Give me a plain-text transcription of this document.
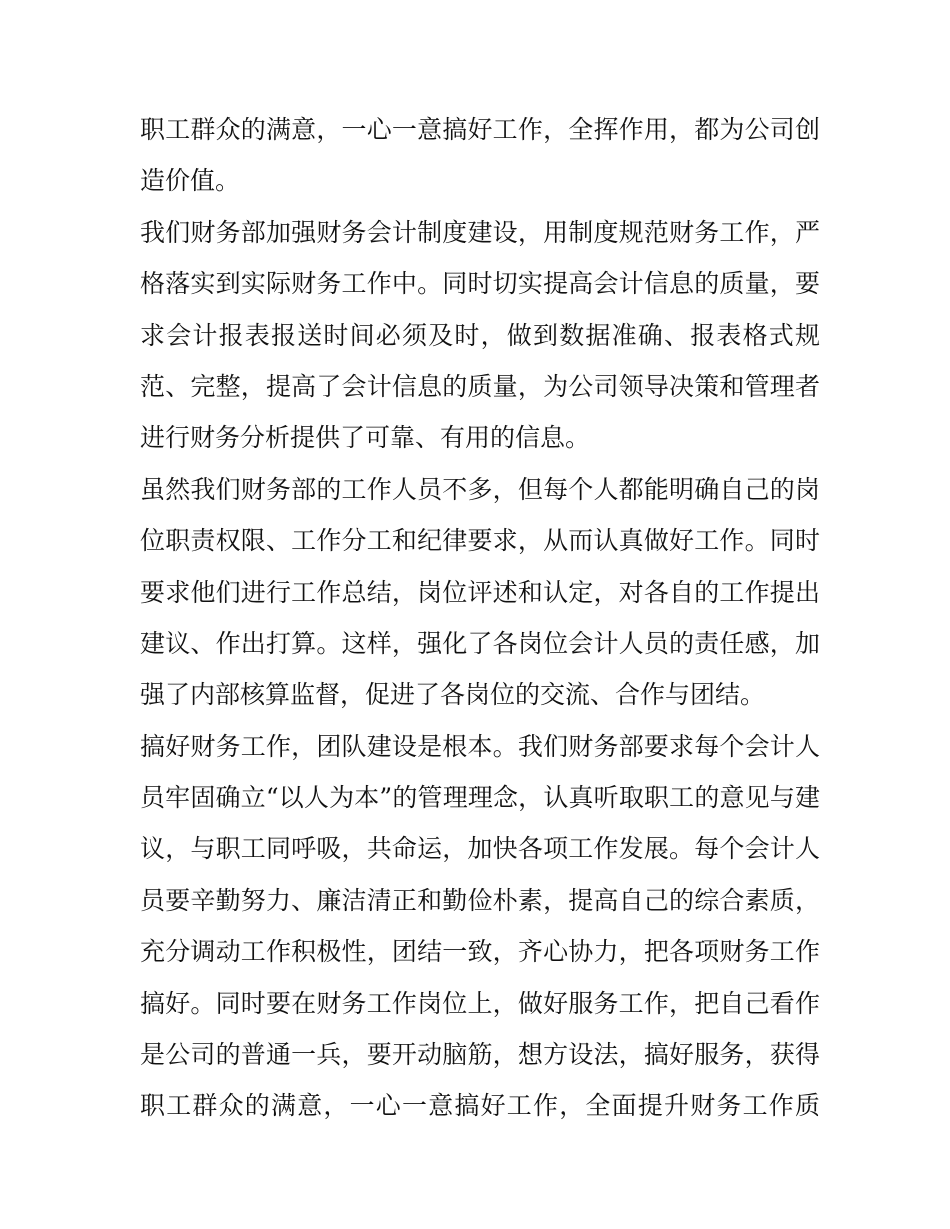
职工群众的满意，一心一意搞好工作，全挥作用，都为公司创
造价值。
我们财务部加强财务会计制度建设，用制度规范财务工作，严
格落实到实际财务工作中。同时切实提高会计信息的质量，要
求会计报表报送时间必须及时，做到数据准确、报表格式规
范、完整，提高了会计信息的质量，为公司领导决策和管理者
进行财务分析提供了可靠、有用的信息。
虽然我们财务部的工作人员不多，但每个人都能明确自己的岗
位职责权限、工作分工和纪律要求，从而认真做好工作。同时
要求他们进行工作总结，岗位评述和认定，对各自的工作提出
建议、作出打算。这样，强化了各岗位会计人员的责任感，加
强了内部核算监督，促进了各岗位的交流、合作与团结。
搞好财务工作，团队建设是根本。我们财务部要求每个会计人
员牢固确立“以人为本”的管理理念，认真听取职工的意见与建
议，与职工同呼吸，共命运，加快各项工作发展。每个会计人
员要辛勤努力、廉洁清正和勤俭朴素，提高自己的综合素质，
充分调动工作积极性，团结一致，齐心协力，把各项财务工作
搞好。同时要在财务工作岗位上，做好服务工作，把自己看作
是公司的普通一兵，要开动脑筋，想方设法，搞好服务，获得
职工群众的满意，一心一意搞好工作，全面提升财务工作质
